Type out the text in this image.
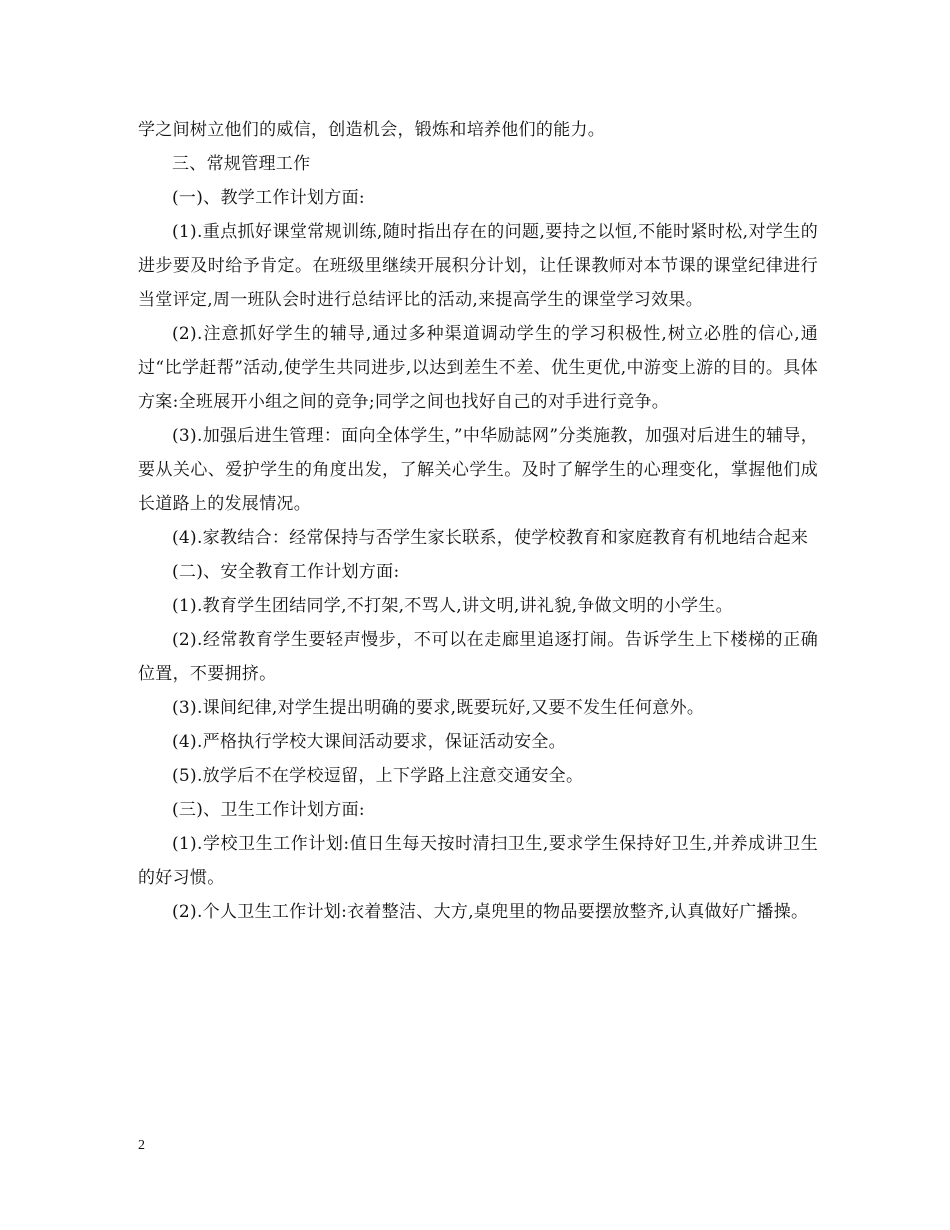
学之间树立他们的威信，创造机会，锻炼和培养他们的能力。

三、常规管理工作

(一)、教学工作计划方面:

(1).重点抓好课堂常规训练,随时指出存在的问题,要持之以恒,不能时紧时松,对学生的进步要及时给予肯定。在班级里继续开展积分计划，让任课教师对本节课的课堂纪律进行当堂评定,周一班队会时进行总结评比的活动,来提高学生的课堂学习效果。

(2).注意抓好学生的辅导,通过多种渠道调动学生的学习积极性,树立必胜的信心,通过“比学赶帮”活动,使学生共同进步,以达到差生不差、优生更优,中游变上游的目的。具体方案:全班展开小组之间的竞争;同学之间也找好自己的对手进行竞争。

(3).加强后进生管理：面向全体学生，”中华励誌网”分类施教，加强对后进生的辅导，要从关心、爱护学生的角度出发，了解关心学生。及时了解学生的心理变化，掌握他们成长道路上的发展情况。

(4).家教结合：经常保持与否学生家长联系，使学校教育和家庭教育有机地结合起来

(二)、安全教育工作计划方面:

(1).教育学生团结同学,不打架,不骂人,讲文明,讲礼貌,争做文明的小学生。

(2).经常教育学生要轻声慢步，不可以在走廊里追逐打闹。告诉学生上下楼梯的正确位置，不要拥挤。

(3).课间纪律,对学生提出明确的要求,既要玩好,又要不发生任何意外。

(4).严格执行学校大课间活动要求，保证活动安全。

(5).放学后不在学校逗留，上下学路上注意交通安全。

(三)、卫生工作计划方面:

(1).学校卫生工作计划:值日生每天按时清扫卫生,要求学生保持好卫生,并养成讲卫生的好习惯。

(2).个人卫生工作计划:衣着整洁、大方,桌兜里的物品要摆放整齐,认真做好广播操。

2
